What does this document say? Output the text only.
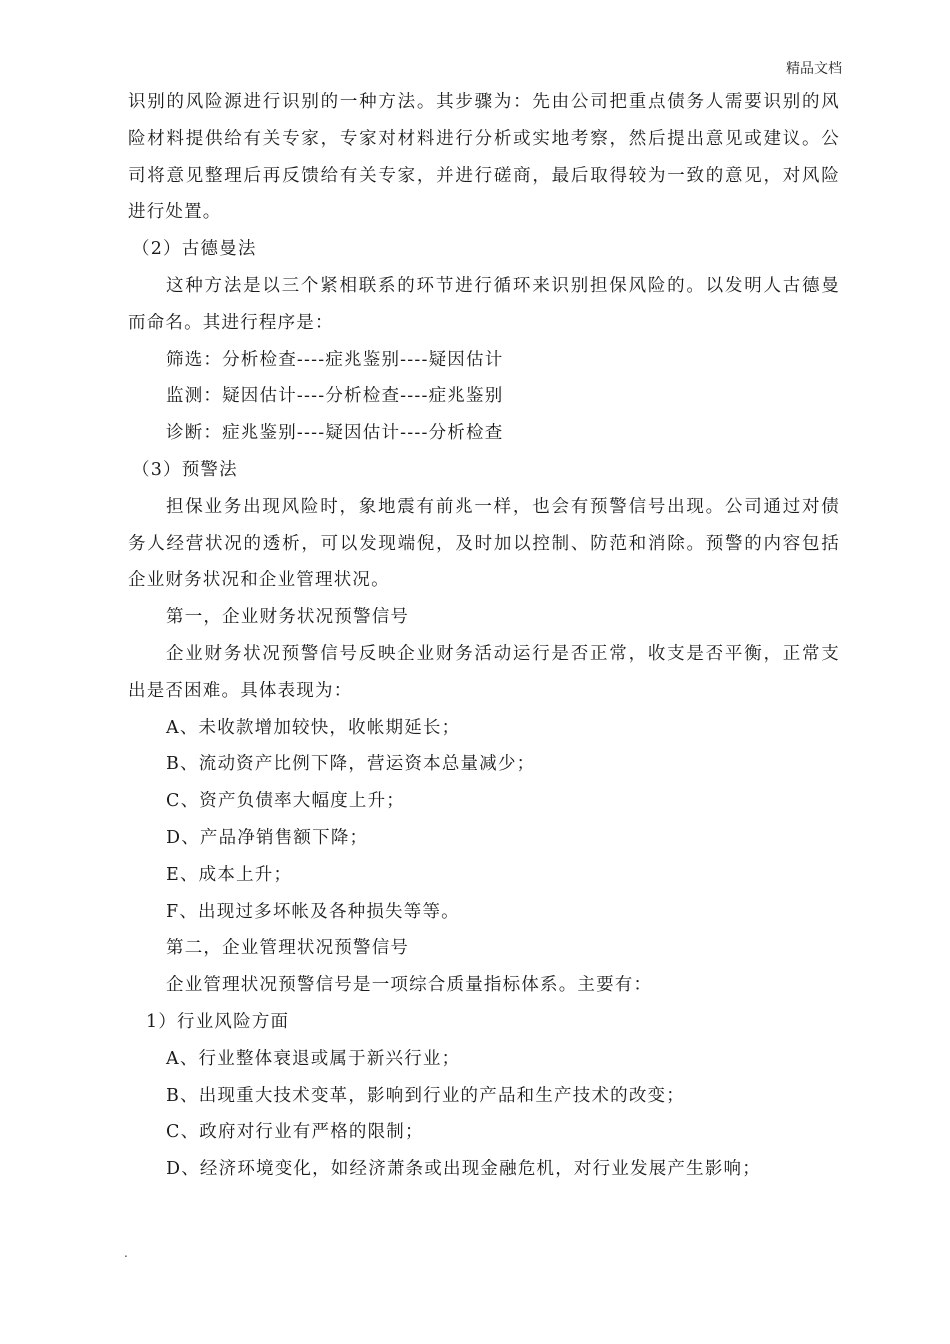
精品文档
识别的风险源进行识别的一种方法。其步骤为：先由公司把重点债务人需要识别的风
险材料提供给有关专家，专家对材料进行分析或实地考察，然后提出意见或建议。公
司将意见整理后再反馈给有关专家，并进行磋商，最后取得较为一致的意见，对风险
进行处置。
（2）古德曼法
这种方法是以三个紧相联系的环节进行循环来识别担保风险的。以发明人古德曼
而命名。其进行程序是：
筛选：分析检查----症兆鉴别----疑因估计
监测：疑因估计----分析检查----症兆鉴别
诊断：症兆鉴别----疑因估计----分析检查
（3）预警法
担保业务出现风险时，象地震有前兆一样，也会有预警信号出现。公司通过对债
务人经营状况的透析，可以发现端倪，及时加以控制、防范和消除。预警的内容包括
企业财务状况和企业管理状况。
第一，企业财务状况预警信号
企业财务状况预警信号反映企业财务活动运行是否正常，收支是否平衡，正常支
出是否困难。具体表现为：
A、未收款增加较快，收帐期延长；
B、流动资产比例下降，营运资本总量减少；
C、资产负债率大幅度上升；
D、产品净销售额下降；
E、成本上升；
F、出现过多坏帐及各种损失等等。
第二，企业管理状况预警信号
企业管理状况预警信号是一项综合质量指标体系。主要有：
1）行业风险方面
A、行业整体衰退或属于新兴行业；
B、出现重大技术变革，影响到行业的产品和生产技术的改变；
C、政府对行业有严格的限制；
D、经济环境变化，如经济萧条或出现金融危机，对行业发展产生影响；
.
